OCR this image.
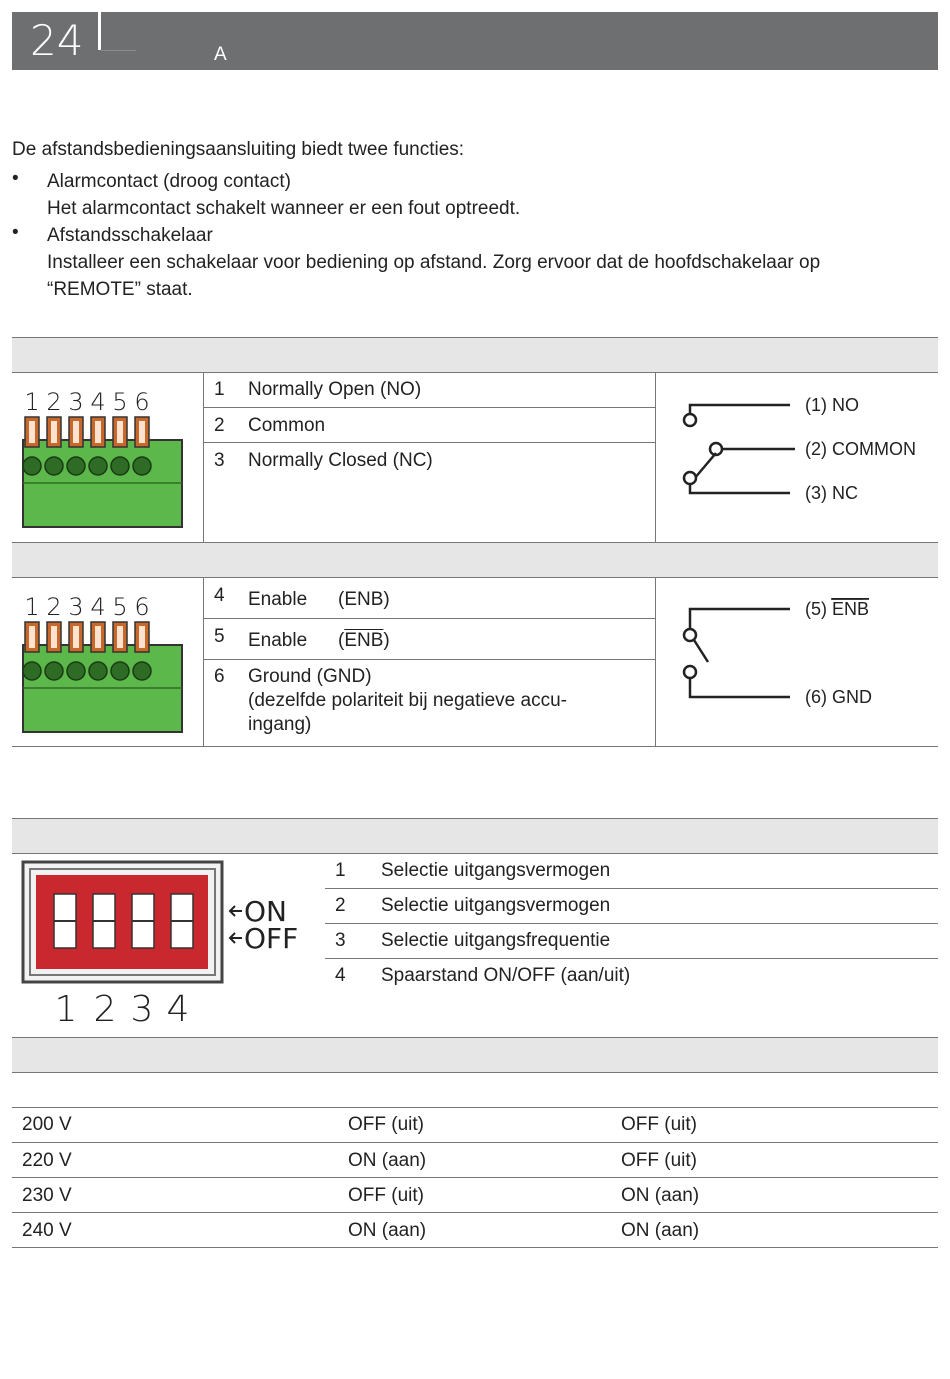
24	A
De afstandsbedieningsaansluiting biedt twee functies:
• Alarmcontact (droog contact)
Het alarmcontact schakelt wanneer er een fout optreedt.
• Afstandsschakelaar
Installeer een schakelaar voor bediening op afstand. Zorg ervoor dat de hoofdschakelaar op
“REMOTE” staat.
1 2 3 4 5 6	1 Normally Open (NO)
2 Common
3 Normally Closed (NC)
(1) NO
(2) COMMON
(3) NC
1 2 3 4 5 6	4 Enable (ENB)
5 Enable $(\overline{ENB})$
6 Ground (GND)
(dezelfde polariteit bij negatieve accu-
ingang)
(5) ENB
(6) GND
ON
OFF
1 2 3 4
1 Selectie uitgangsvermogen
2 Selectie uitgangsvermogen
3 Selectie uitgangsfrequentie
4 Spaarstand ON/OFF (aan/uit)
200 V	OFF (uit)	OFF (uit)
220 V	ON (aan)	OFF (uit)
230 V	OFF (uit)	ON (aan)
240 V	ON (aan)	ON (aan)
